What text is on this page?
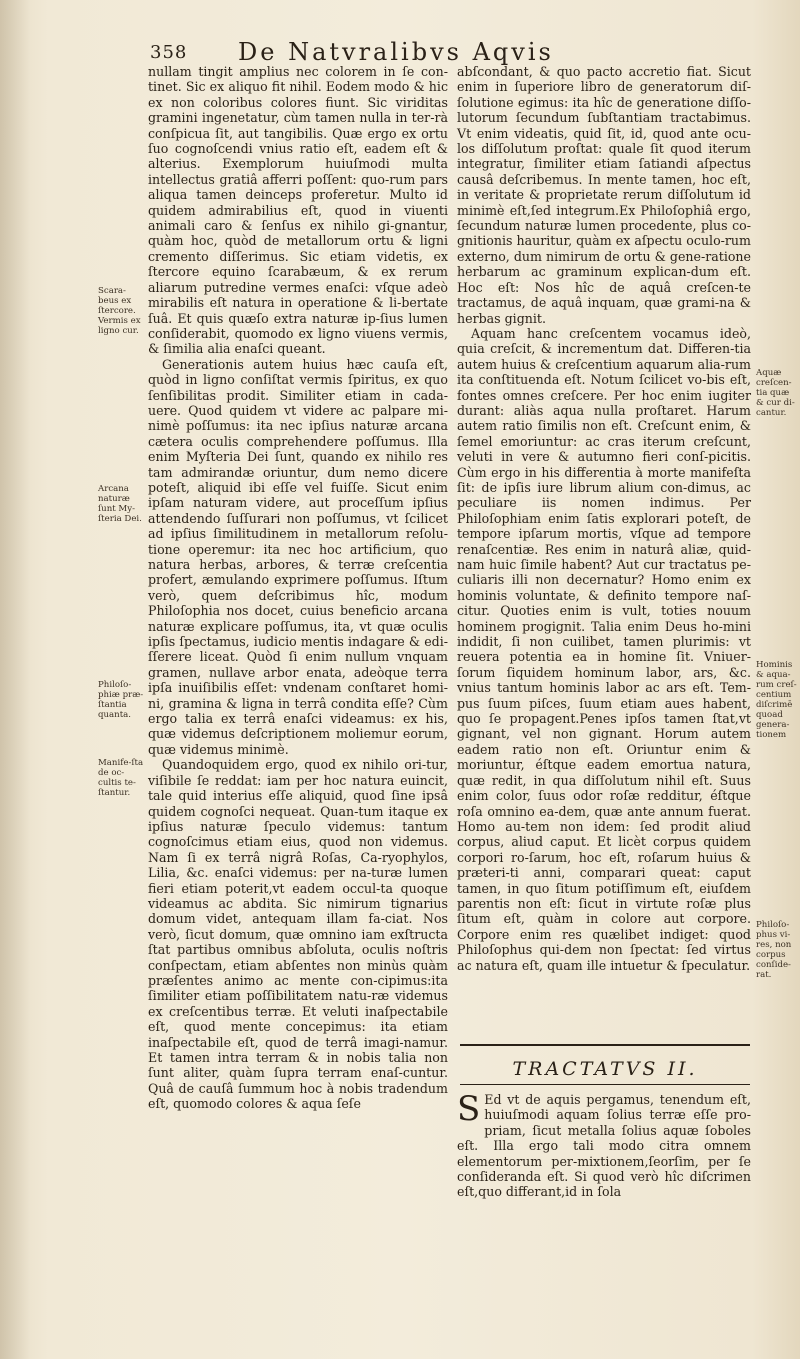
358 De Natvralibvs Aqvis

nullam tingit amplius nec colorem in ſe con-tinet. Sic ex aliquo fit nihil. Eodem modo & hic ex non coloribus colores fiunt. Sic viriditas gramini ingenetatur, cùm tamen nulla in ter-rà conſpicua ſit, aut tangibilis. Quæ ergo ex ortu ſuo cognoſcendi vnius ratio eſt, eadem eſt & alterius. Exemplorum huiuſmodi multa intellectus gratiâ afferri poſſent: quo-rum pars aliqua tamen deinceps proferetur. Multo id quidem admirabilius eſt, quod in viuenti animali caro & ſenſus ex nihilo gi-gnantur, quàm hoc, quòd de metallorum ortu & ligni cremento diſſerimus. Sic etiam videtis, ex ſtercore equino ſcarabæum, & ex rerum aliarum putredine vermes enaſci: vſque adeò mirabilis eſt natura in operatione & li-bertate ſuâ. Et quis quæſo extra naturæ ip-ſius lumen conſiderabit, quomodo ex ligno viuens vermis, & ſimilia alia enaſci queant.

Generationis autem huius hæc cauſa eſt, quòd in ligno conſiſtat vermis ſpiritus, ex quo ſenſibilitas prodit. Similiter etiam in cada-uere. Quod quidem vt videre ac palpare mi-nimè poſſumus: ita nec ipſius naturæ arcana cætera oculis comprehendere poſſumus. Illa enim Myſteria Dei ſunt, quando ex nihilo res tam admirandæ oriuntur, dum nemo dicere poteſt, aliquid ibi eſſe vel fuiſſe. Sicut enim ipſam naturam videre, aut proceſſum ipſius attendendo ſuſſurari non poſſumus, vt ſcilicet ad ipſius ſimilitudinem in metallorum reſolu-tione operemur: ita nec hoc artificium, quo natura herbas, arbores, & terræ creſcentia profert, æmulando exprimere poſſumus. Iſtum verò, quem deſcribimus hîc, modum Philoſophia nos docet, cuius beneficio arcana naturæ explicare poſſumus, ita, vt quæ oculis ipſis ſpectamus, iudicio mentis indagare & edi-ſſerere liceat. Quòd ſi enim nullum vnquam gramen, nullave arbor enata, adeòque terra ipſa inuiſibilis eſſet: vndenam conſtaret homi-ni, gramina & ligna in terrâ condita eſſe? Cùm ergo talia ex terrâ enaſci videamus: ex his, quæ videmus deſcriptionem moliemur eorum, quæ videmus minimè.

Quandoquidem ergo, quod ex nihilo ori-tur, viſibile ſe reddat: iam per hoc natura euincit, tale quid interius eſſe aliquid, quod ſine ipsâ quidem cognoſci nequeat. Quan-tum itaque ex ipſius naturæ ſpeculo videmus: tantum cognoſcimus etiam eius, quod non videmus. Nam ſi ex terrâ nigrâ Roſas, Ca-ryophylos, Lilia, &c. enaſci videmus: per na-turæ lumen fieri etiam poterit,vt eadem occul-ta quoque videamus ac abdita. Sic nimirum tignarius domum videt, antequam illam fa-ciat. Nos verò, ſicut domum, quæ omnino iam exſtructa ſtat partibus omnibus abſoluta, oculis noſtris conſpectam, etiam abſentes non minùs quàm præſentes animo ac mente con-cipimus:ita ſimiliter etiam poſſibilitatem natu-ræ videmus ex creſcentibus terræ. Et veluti inaſpectabile eſt, quod mente concepimus: ita etiam inaſpectabile eſt, quod de terrâ imagi-namur. Et tamen intra terram & in nobis talia non ſunt aliter, quàm ſupra terram enaſ-cuntur. Quâ de cauſâ ſummum hoc à nobis tradendum eſt, quomodo colores & aqua ſeſe

abſcondant, & quo pacto accretio fiat. Sicut enim in ſuperiore libro de generatorum diſ-ſolutione egimus: ita hîc de generatione diſſo-lutorum ſecundum ſubſtantiam tractabimus. Vt enim videatis, quid ſit, id, quod ante ocu-los diſſolutum proſtat: quale ſit quod iterum integratur, ſimiliter etiam ſatiandi aſpectus causâ deſcribemus. In mente tamen, hoc eſt, in veritate & proprietate rerum diſſolutum id minimè eſt,ſed integrum.Ex Philoſophiâ ergo, ſecundum naturæ lumen procedente, plus co-gnitionis hauritur, quàm ex aſpectu oculo-rum externo, dum nimirum de ortu & gene-ratione herbarum ac graminum explican-dum eſt. Hoc eſt: Nos hîc de aquâ creſcen-te tractamus, de aquâ inquam, quæ grami-na & herbas gignit.

Aquam hanc creſcentem vocamus ideò, quia creſcit, & incrementum dat. Differen-tia autem huius & creſcentium aquarum alia-rum ita conſtituenda eſt. Notum ſcilicet vo-bis eſt, fontes omnes creſcere. Per hoc enim iugiter durant: aliàs aqua nulla proſtaret. Harum autem ratio ſimilis non eſt. Creſcunt enim, & ſemel emoriuntur: ac cras iterum creſcunt, veluti in vere & autumno fieri conſ-picitis. Cùm ergo in his differentia à morte manifeſta ſit: de ipſis iure librum alium con-dimus, ac peculiare iis nomen indimus. Per Philoſophiam enim ſatis explorari poteſt, de tempore ipſarum mortis, vſque ad tempore renaſcentiæ. Res enim in naturâ aliæ, quid-nam huic ſimile habent? Aut cur tractatus pe-culiaris illi non decernatur? Homo enim ex hominis voluntate, & definito tempore naſ-citur. Quoties enim is vult, toties nouum hominem progignit. Talia enim Deus ho-mini indidit, ſi non cuilibet, tamen plurimis: vt reuera potentia ea in homine ſit. Vniuer-ſorum ſiquidem hominum labor, ars, &c. vnius tantum hominis labor ac ars eſt. Tem-pus ſuum piſces, ſuum etiam aues habent, quo ſe propagent.Penes ipſos tamen ſtat,vt gignant, vel non gignant. Horum autem eadem ratio non eſt. Oriuntur enim & moriuntur, éſtque eadem emortua natura, quæ redit, in qua diſſolutum nihil eſt. Suus enim color, ſuus odor roſæ redditur, éſtque roſa omnino ea-dem, quæ ante annum fuerat. Homo au-tem non idem: ſed prodit aliud corpus, aliud caput. Et licèt corpus quidem corpori ro-ſarum, hoc eſt, roſarum huius & præteri-ti anni, comparari queat: caput tamen, in quo ſitum potiſſimum eſt, eiuſdem parentis non eſt: ſicut in virtute roſæ plus ſitum eſt, quàm in colore aut corpore. Corpore enim res quælibet indiget: quod Philoſophus qui-dem non ſpectat: ſed virtus ac natura eſt, quam ille intuetur & ſpeculatur.

TRACTATVS II.

S Ed vt de aquis pergamus, tenendum eſt, huiuſmodi aquam ſolius terræ eſſe pro-priam, ſicut metalla ſolius aquæ ſoboles eſt. Illa ergo tali modo citra omnem elementorum per-mixtionem,ſeorſim, per ſe conſideranda eſt. Si quod verò hîc diſcrimen eſt,quo differant,id in ſola

Scara-beus ex ſtercore. Vermis ex ligno cur.
Arcana naturæ ſunt My-ſteria Dei.
Philoſo-phiæ præ-ſtantia quanta.
Manife-ſta de oc-cultis te-ſtantur.
Aquæ creſcen-tia quæ & cur di-cantur.
Hominis & aqua-rum creſ-centium diſcrimē quoad genera-tionem
Philoſo-phus vi-res, non corpus conſide-rat.
